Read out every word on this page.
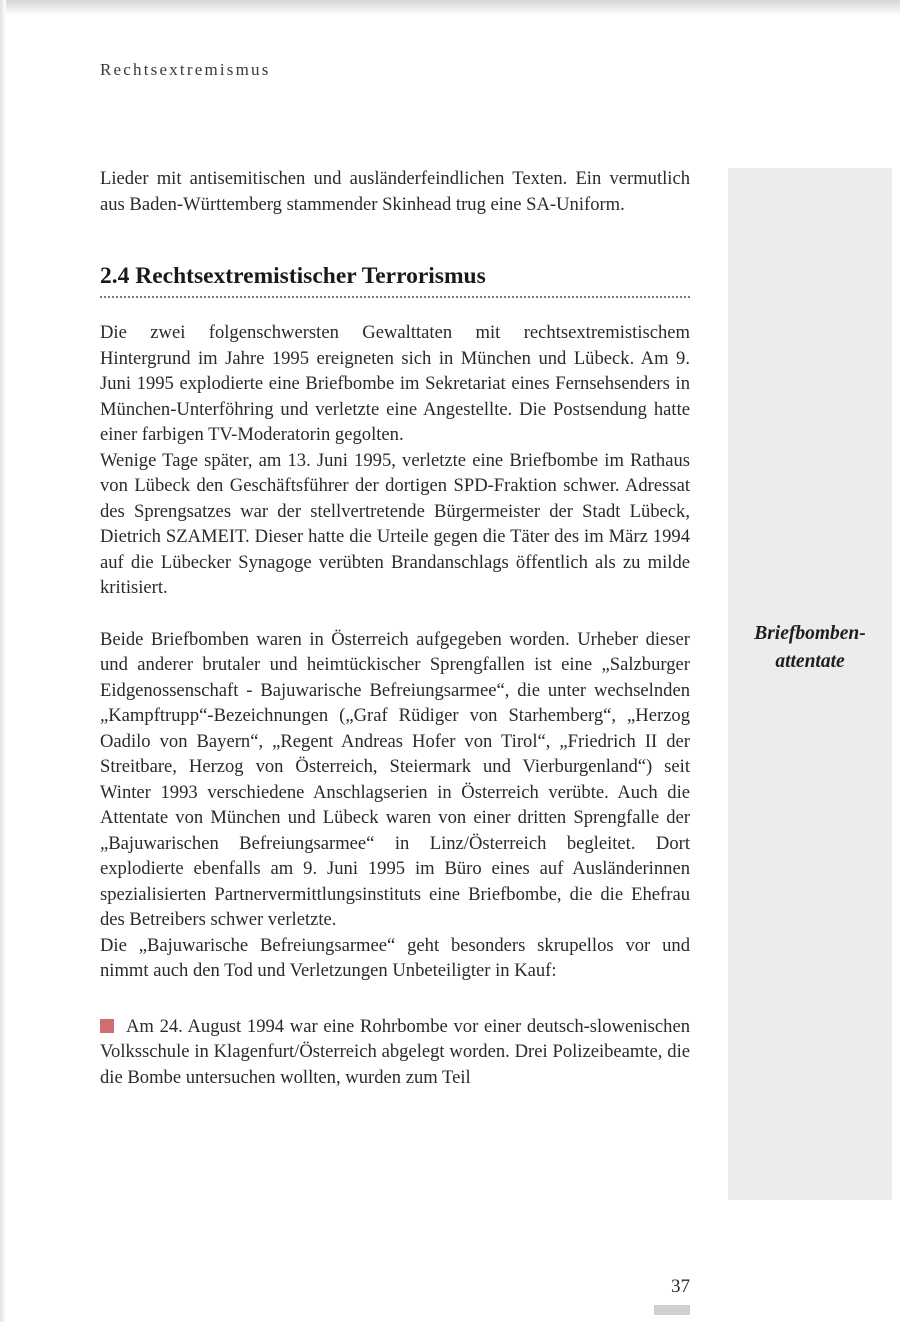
Rechtsextremismus
Briefbomben-
attentate

Lieder mit antisemitischen und ausländerfeindlichen Texten. Ein vermutlich aus Baden-Württemberg stammender Skinhead trug eine SA-Uniform.

2.4 Rechtsextremistischer Terrorismus

Die zwei folgenschwersten Gewalttaten mit rechtsextremistischem Hintergrund im Jahre 1995 ereigneten sich in München und Lübeck. Am 9. Juni 1995 explodierte eine Briefbombe im Sekretariat eines Fernsehsenders in München-Unterföhring und verletzte eine Angestellte. Die Postsendung hatte einer farbigen TV-Moderatorin gegolten.

Wenige Tage später, am 13. Juni 1995, verletzte eine Briefbombe im Rathaus von Lübeck den Geschäftsführer der dortigen SPD-Fraktion schwer. Adressat des Sprengsatzes war der stellvertretende Bürgermeister der Stadt Lübeck, Dietrich SZAMEIT. Dieser hatte die Urteile gegen die Täter des im März 1994 auf die Lübecker Synagoge verübten Brandanschlags öffentlich als zu milde kritisiert.

Beide Briefbomben waren in Österreich aufgegeben worden. Urheber dieser und anderer brutaler und heimtückischer Sprengfallen ist eine „Salzburger Eidgenossenschaft - Bajuwarische Befreiungsarmee“, die unter wechselnden „Kampftrupp“-Bezeichnungen („Graf Rüdiger von Starhemberg“, „Herzog Oadilo von Bayern“, „Regent Andreas Hofer von Tirol“, „Friedrich II der Streitbare, Herzog von Österreich, Steiermark und Vierburgenland“) seit Winter 1993 verschiedene Anschlagserien in Österreich verübte. Auch die Attentate von München und Lübeck waren von einer dritten Sprengfalle der „Bajuwarischen Befreiungsarmee“ in Linz/Österreich begleitet. Dort explodierte ebenfalls am 9. Juni 1995 im Büro eines auf Ausländerinnen spezialisierten Partnervermittlungsinstituts eine Briefbombe, die die Ehefrau des Betreibers schwer verletzte.

Die „Bajuwarische Befreiungsarmee“ geht besonders skrupellos vor und nimmt auch den Tod und Verletzungen Unbeteiligter in Kauf:

Am 24. August 1994 war eine Rohrbombe vor einer deutsch-slowenischen Volksschule in Klagenfurt/Österreich abgelegt worden. Drei Polizeibeamte, die die Bombe untersuchen wollten, wurden zum Teil

37
